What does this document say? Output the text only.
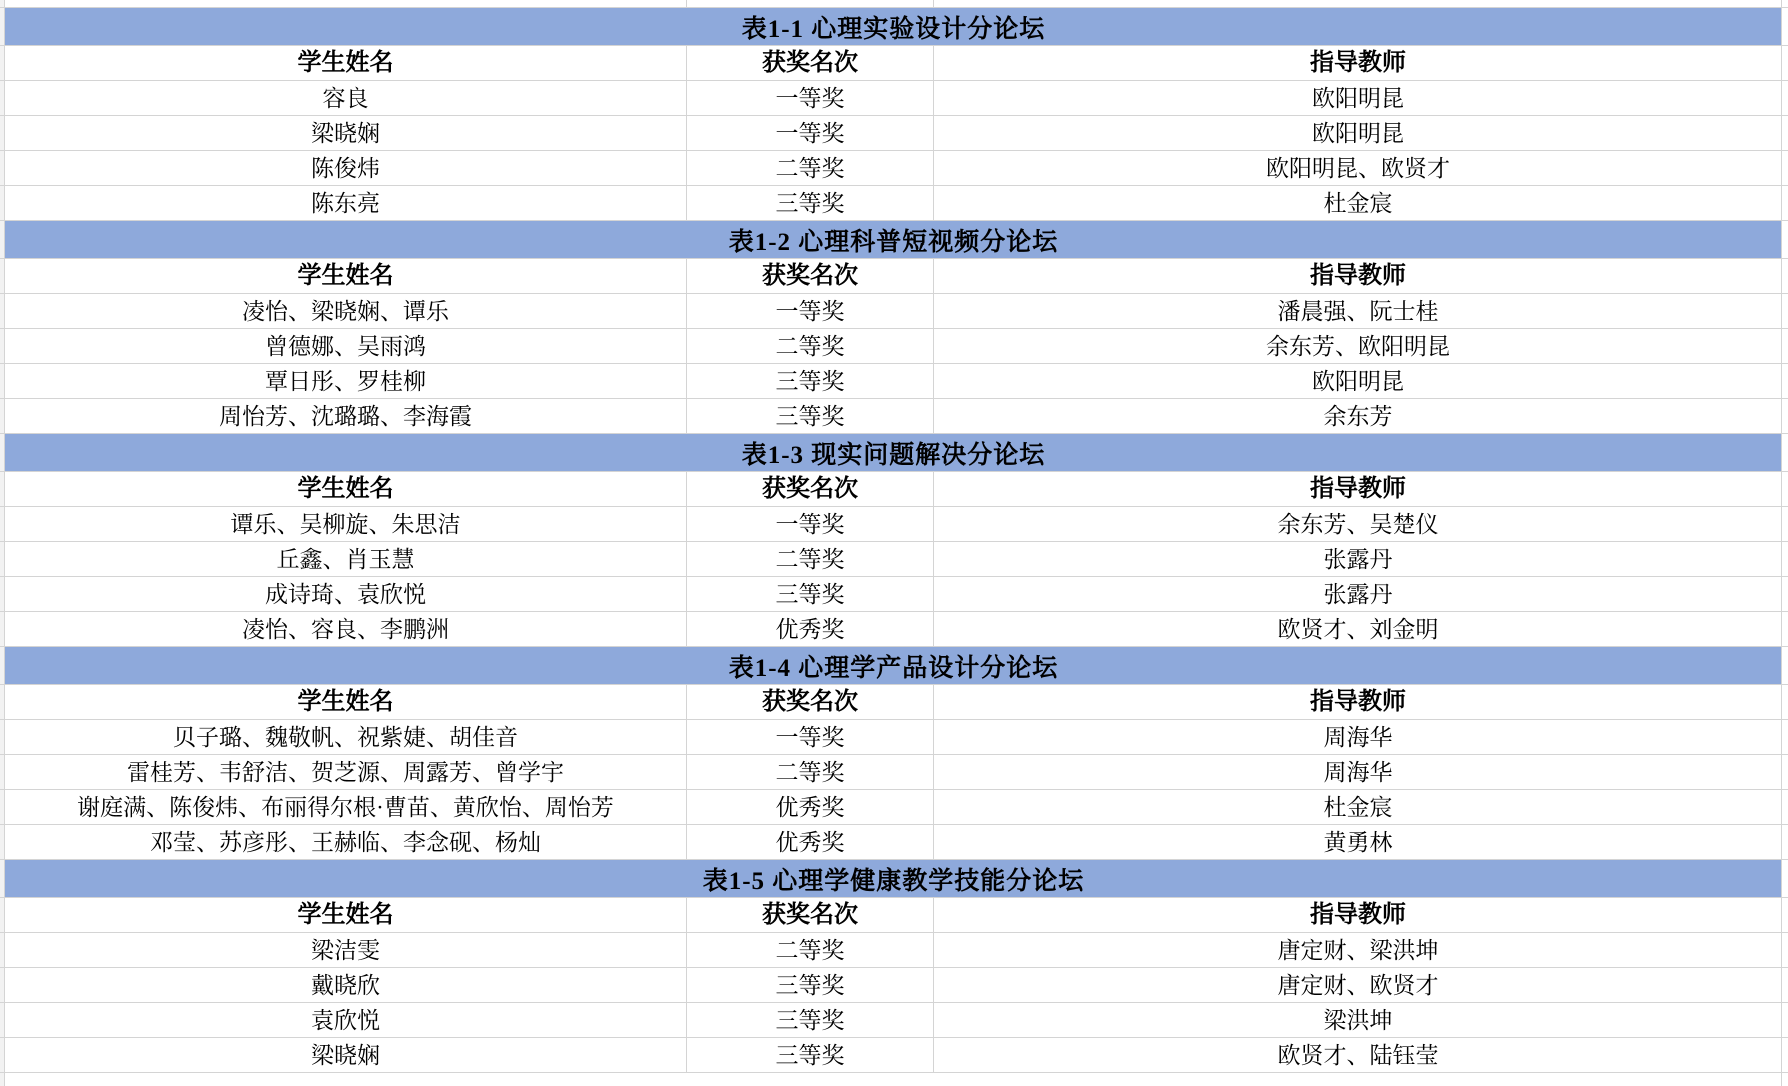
表1-1 心理实验设计分论坛
学生姓名	获奖名次	指导教师
容良	一等奖	欧阳明昆
梁晓娴	一等奖	欧阳明昆
陈俊炜	二等奖	欧阳明昆、欧贤才
陈东亮	三等奖	杜金宸
表1-2 心理科普短视频分论坛
学生姓名	获奖名次	指导教师
凌怡、梁晓娴、谭乐	一等奖	潘晨强、阮士桂
曾德娜、吴雨鸿	二等奖	余东芳、欧阳明昆
覃日彤、罗桂柳	三等奖	欧阳明昆
周怡芳、沈璐璐、李海霞	三等奖	余东芳
表1-3 现实问题解决分论坛
学生姓名	获奖名次	指导教师
谭乐、吴柳旋、朱思洁	一等奖	余东芳、吴楚仪
丘鑫、肖玉慧	二等奖	张露丹
成诗琦、袁欣悦	三等奖	张露丹
凌怡、容良、李鹏洲	优秀奖	欧贤才、刘金明
表1-4 心理学产品设计分论坛
学生姓名	获奖名次	指导教师
贝子璐、魏敬帆、祝紫婕、胡佳音	一等奖	周海华
雷桂芳、韦舒洁、贺芝源、周露芳、曾学宇	二等奖	周海华
谢庭满、陈俊炜、布丽得尔根·曹苗、黄欣怡、周怡芳	优秀奖	杜金宸
邓莹、苏彦彤、王赫临、李念砚、杨灿	优秀奖	黄勇林
表1-5 心理学健康教学技能分论坛
学生姓名	获奖名次	指导教师
梁洁雯	二等奖	唐定财、梁洪坤
戴晓欣	三等奖	唐定财、欧贤才
袁欣悦	三等奖	梁洪坤
梁晓娴	三等奖	欧贤才、陆钰莹
